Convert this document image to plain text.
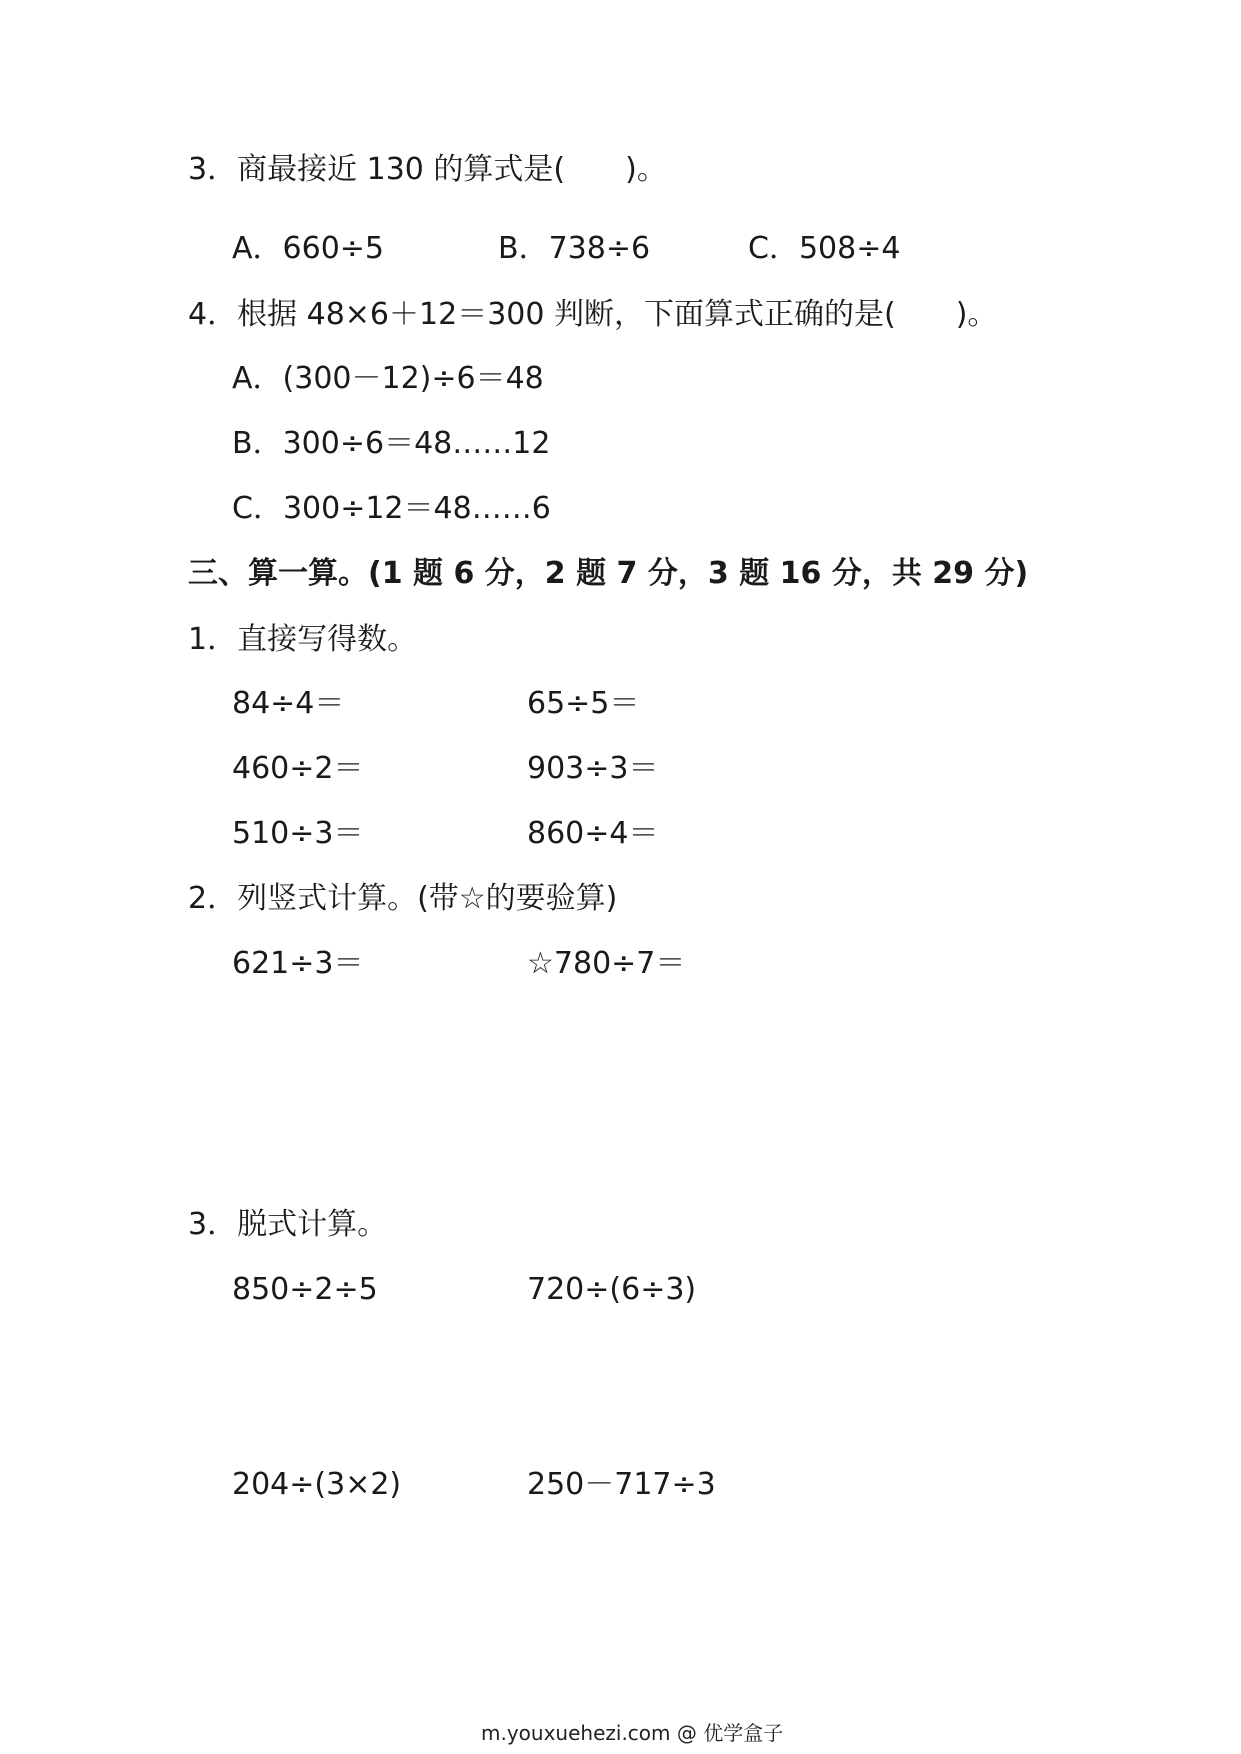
3．商最接近 130 的算式是(　　)。
A．660÷5	B．738÷6	C．508÷4
4．根据 48×6＋12＝300 判断，下面算式正确的是(　　)。
A．(300－12)÷6＝48
B．300÷6＝48……12
C．300÷12＝48……6
三、算一算。(1 题 6 分，2 题 7 分，3 题 16 分，共 29 分)
1．直接写得数。
84÷4＝	65÷5＝
460÷2＝	903÷3＝
510÷3＝	860÷4＝
2．列竖式计算。(带☆的要验算)
621÷3＝	☆780÷7＝
3．脱式计算。
850÷2÷5	720÷(6÷3)
204÷(3×2)	250－717÷3
m.youxuehezi.com @ 优学盒子
